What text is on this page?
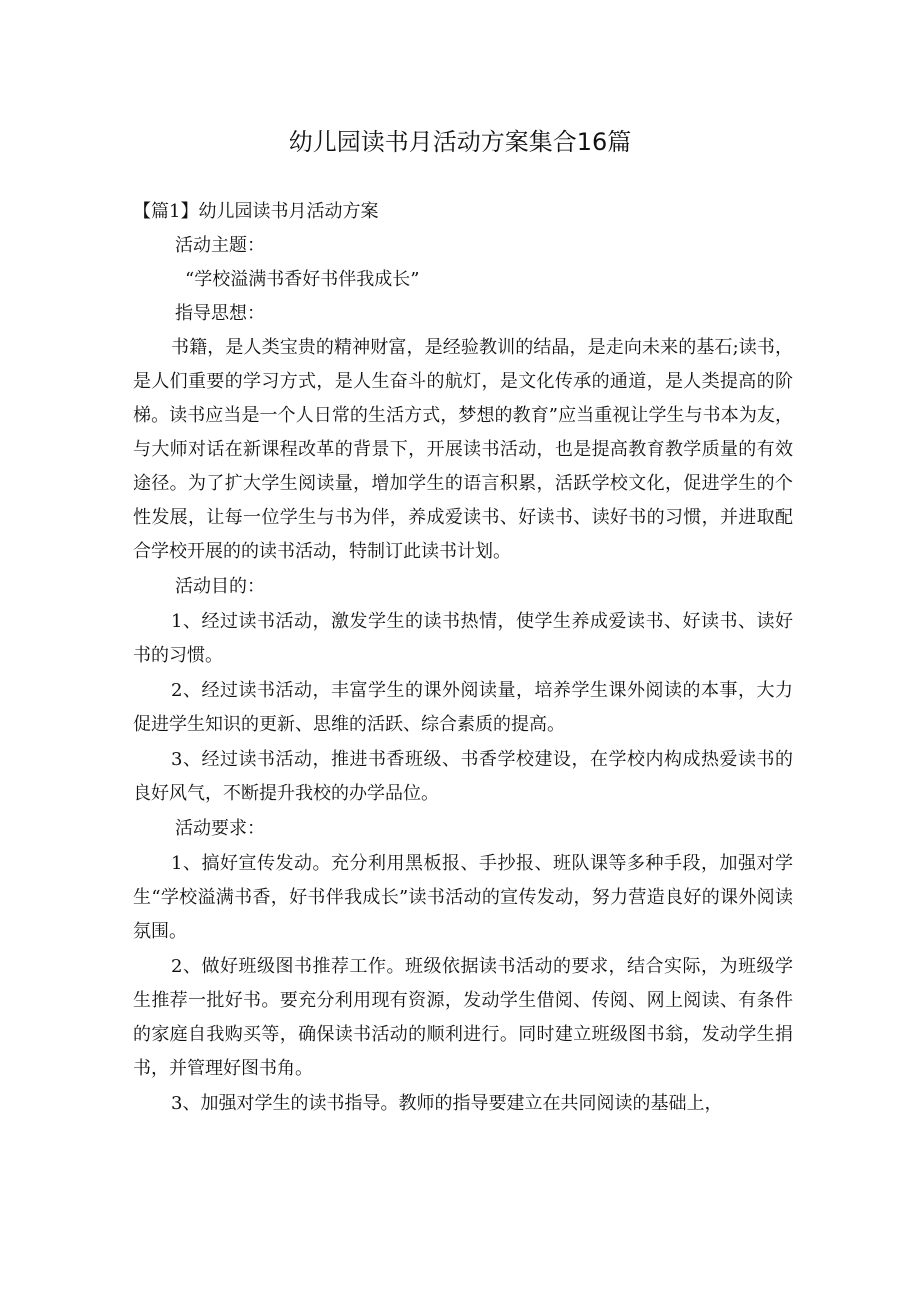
幼儿园读书月活动方案集合16篇

【篇1】幼儿园读书月活动方案

活动主题：

“学校溢满书香好书伴我成长”

指导思想：

书籍，是人类宝贵的精神财富，是经验教训的结晶，是走向未来的基石;读书，是人们重要的学习方式，是人生奋斗的航灯，是文化传承的通道，是人类提高的阶梯。读书应当是一个人日常的生活方式，梦想的教育”应当重视让学生与书本为友，与大师对话在新课程改革的背景下，开展读书活动，也是提高教育教学质量的有效途径。为了扩大学生阅读量，增加学生的语言积累，活跃学校文化，促进学生的个性发展，让每一位学生与书为伴，养成爱读书、好读书、读好书的习惯，并进取配合学校开展的的读书活动，特制订此读书计划。

活动目的：

1、经过读书活动，激发学生的读书热情，使学生养成爱读书、好读书、读好书的习惯。

2、经过读书活动，丰富学生的课外阅读量，培养学生课外阅读的本事，大力促进学生知识的更新、思维的活跃、综合素质的提高。

3、经过读书活动，推进书香班级、书香学校建设，在学校内构成热爱读书的良好风气，不断提升我校的办学品位。

活动要求：

1、搞好宣传发动。充分利用黑板报、手抄报、班队课等多种手段，加强对学生“学校溢满书香，好书伴我成长”读书活动的宣传发动，努力营造良好的课外阅读氛围。

2、做好班级图书推荐工作。班级依据读书活动的要求，结合实际，为班级学生推荐一批好书。要充分利用现有资源，发动学生借阅、传阅、网上阅读、有条件的家庭自我购买等，确保读书活动的顺利进行。同时建立班级图书翁，发动学生捐书，并管理好图书角。

3、加强对学生的读书指导。教师的指导要建立在共同阅读的基础上，
